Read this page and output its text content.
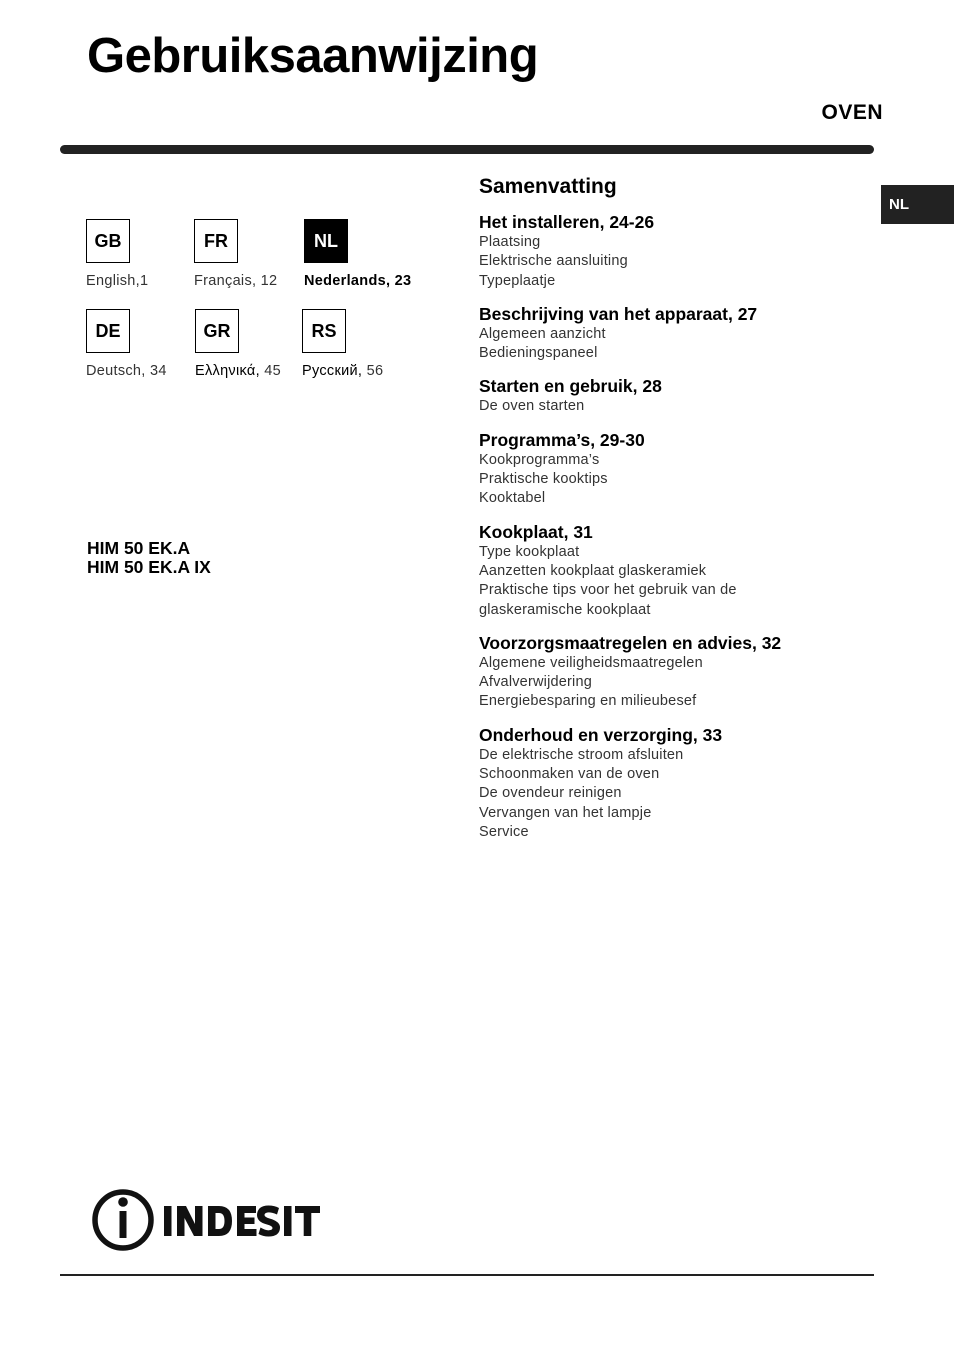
Gebruiksaanwijzing
OVEN
NL
GB
English,1
FR
Français, 12
NL
Nederlands, 23
DE
Deutsch, 34
GR
Ελληνικά, 45
RS
Русский, 56
HIM 50 EK.A
HIM 50 EK.A IX
Samenvatting
Het installeren, 24-26
Plaatsing
Elektrische aansluiting
Typeplaatje
Beschrijving van het apparaat, 27
Algemeen aanzicht
Bedieningspaneel
Starten en gebruik, 28
De oven starten
Programma’s, 29-30
Kookprogramma’s
Praktische kooktips
Kooktabel
Kookplaat, 31
Type kookplaat
Aanzetten kookplaat glaskeramiek
Praktische tips voor het gebruik van de
glaskeramische kookplaat
Voorzorgsmaatregelen en advies, 32
Algemene veiligheidsmaatregelen
Afvalverwijdering
Energiebesparing en milieubesef
Onderhoud en verzorging, 33
De elektrische stroom afsluiten
Schoonmaken van de oven
De ovendeur reinigen
Vervangen van het lampje
Service
